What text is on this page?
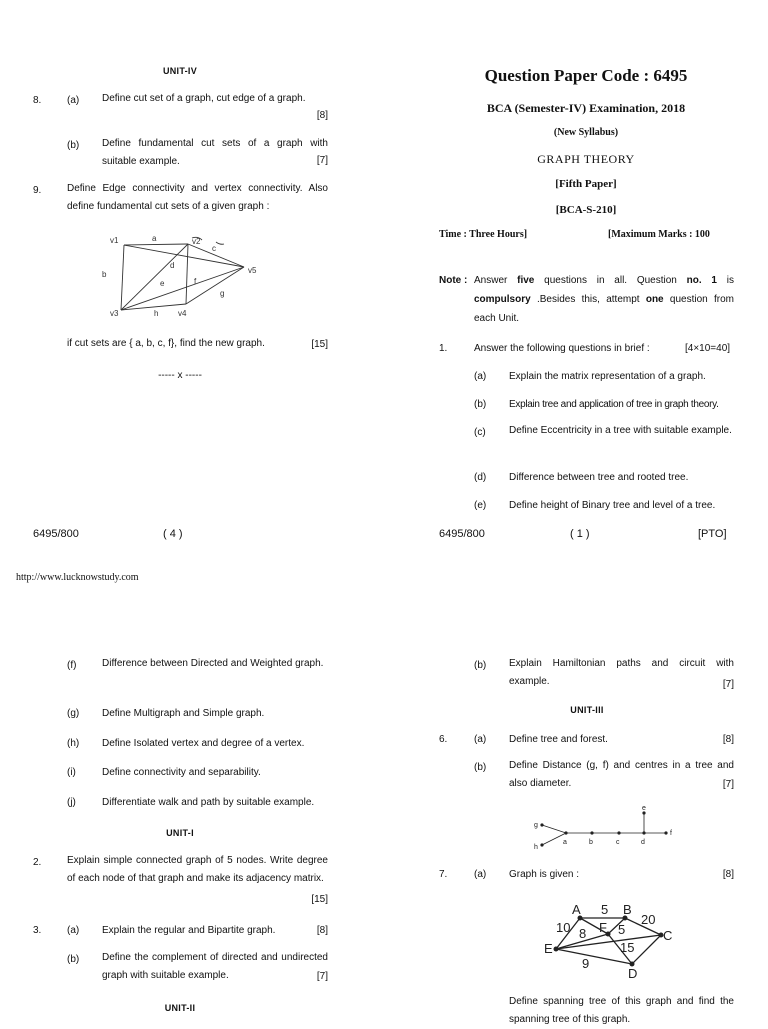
UNIT-IV
8.	(a) Define cut set of a graph, cut edge of a graph.
[8]
(b) Define fundamental cut sets of a graph with suitable example.	[7]
9.	Define Edge connectivity and vertex connectivity. Also define fundamental cut sets of a given graph :
v1	a	v2
c
v5
b
d
e	f
g
v3	h v4
if cut sets are { a, b, c, f}, find the new graph.	[15]
----- x -----
6495/800	( 4 )
Question Paper Code : 6495
BCA (Semester-IV) Examination, 2018
(New Syllabus)
GRAPH THEORY
[Fifth Paper]
[BCA-S-210]
Time : Three Hours]	[Maximum Marks : 100
Note : Answer five questions in all. Question no. 1 is compulsory .Besides this, attempt one question from each Unit.
1.	Answer the following questions in brief :	[4×10=40]
(a) Explain the matrix representation of a graph.
(b) Explain tree and application of tree in graph theory.
(c) Define Eccentricity in a tree with suitable example.
(d) Difference between tree and rooted tree.
(e) Define height of Binary tree and level of a tree.
6495/800	( 1 )	[PTO]
http://www.lucknowstudy.com
(f)	Difference between Directed and Weighted graph.
(g) Define Multigraph and Simple graph.
(h) Define Isolated vertex and degree of a vertex.
(i)	Define connectivity and separability.
(j)	Differentiate walk and path by suitable example.
UNIT-I
2.	Explain simple connected graph of 5 nodes. Write degree of each node of that graph and make its adjacency matrix.
[15]
3.	(a) Explain the regular and Bipartite graph.	[8]
(b) Define the complement of directed and undirected graph with suitable example.	[7]
UNIT-II
(b) Explain Hamiltonian paths and circuit with example.	[7]
UNIT-III
6.	(a) Define tree and forest.	[8]
(b) Define Distance (g, f) and centres in a tree and also diameter.	[7]
g
h
a	b	c	d
e
f
7.	(a) Graph is given :	[8]
A	B
C
D
E
F
5
20
10 8 5
15
9
Define spanning tree of this graph and find the spanning tree of this graph.
